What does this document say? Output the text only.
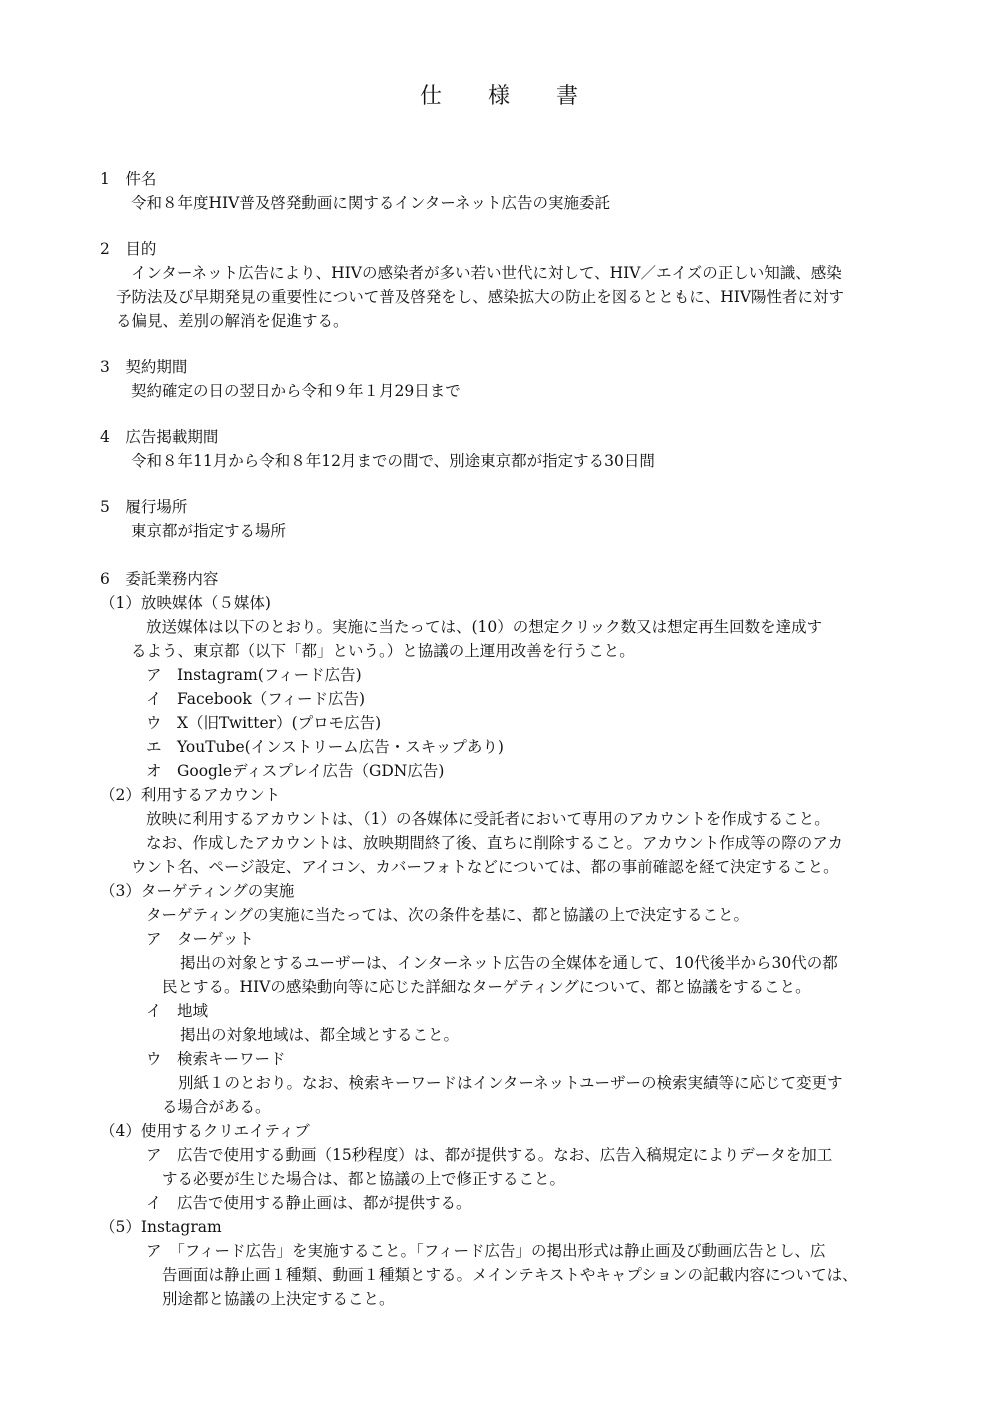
仕 様 書

1　件名

令和８年度HIV普及啓発動画に関するインターネット広告の実施委託

2　目的

インターネット広告により、HIVの感染者が多い若い世代に対して、HIV／エイズの正しい知識、感染

予防法及び早期発見の重要性について普及啓発をし、感染拡大の防止を図るとともに、HIV陽性者に対す

る偏見、差別の解消を促進する。

3　契約期間

契約確定の日の翌日から令和９年１月29日まで

4　広告掲載期間

令和８年11月から令和８年12月までの間で、別途東京都が指定する30日間

5　履行場所

東京都が指定する場所

6　委託業務内容

（1）放映媒体（５媒体)

放送媒体は以下のとおり。実施に当たっては、(10）の想定クリック数又は想定再生回数を達成す

るよう、東京都（以下「都」という。）と協議の上運用改善を行うこと。

ア　Instagram(フィード広告)

イ　Facebook（フィード広告)

ウ　X（旧Twitter）(プロモ広告)

エ　YouTube(インストリーム広告・スキップあり)

オ　Googleディスプレイ広告（GDN広告)

（2）利用するアカウント

放映に利用するアカウントは、（1）の各媒体に受託者において専用のアカウントを作成すること。

なお、作成したアカウントは、放映期間終了後、直ちに削除すること。アカウント作成等の際のアカ

ウント名、ページ設定、アイコン、カバーフォトなどについては、都の事前確認を経て決定すること。

（3）ターゲティングの実施

ターゲティングの実施に当たっては、次の条件を基に、都と協議の上で決定すること。

ア　ターゲット

掲出の対象とするユーザーは、インターネット広告の全媒体を通して、10代後半から30代の都

民とする。HIVの感染動向等に応じた詳細なターゲティングについて、都と協議をすること。

イ　地域

掲出の対象地域は、都全域とすること。

ウ　検索キーワード

別紙１のとおり。なお、検索キーワードはインターネットユーザーの検索実績等に応じて変更す

る場合がある。

（4）使用するクリエイティブ

ア　広告で使用する動画（15秒程度）は、都が提供する。なお、広告入稿規定によりデータを加工

する必要が生じた場合は、都と協議の上で修正すること。

イ　広告で使用する静止画は、都が提供する。

（5）Instagram

ア　「フィード広告」を実施すること。「フィード広告」の掲出形式は静止画及び動画広告とし、広

告画面は静止画１種類、動画１種類とする。メインテキストやキャプションの記載内容については、

別途都と協議の上決定すること。
